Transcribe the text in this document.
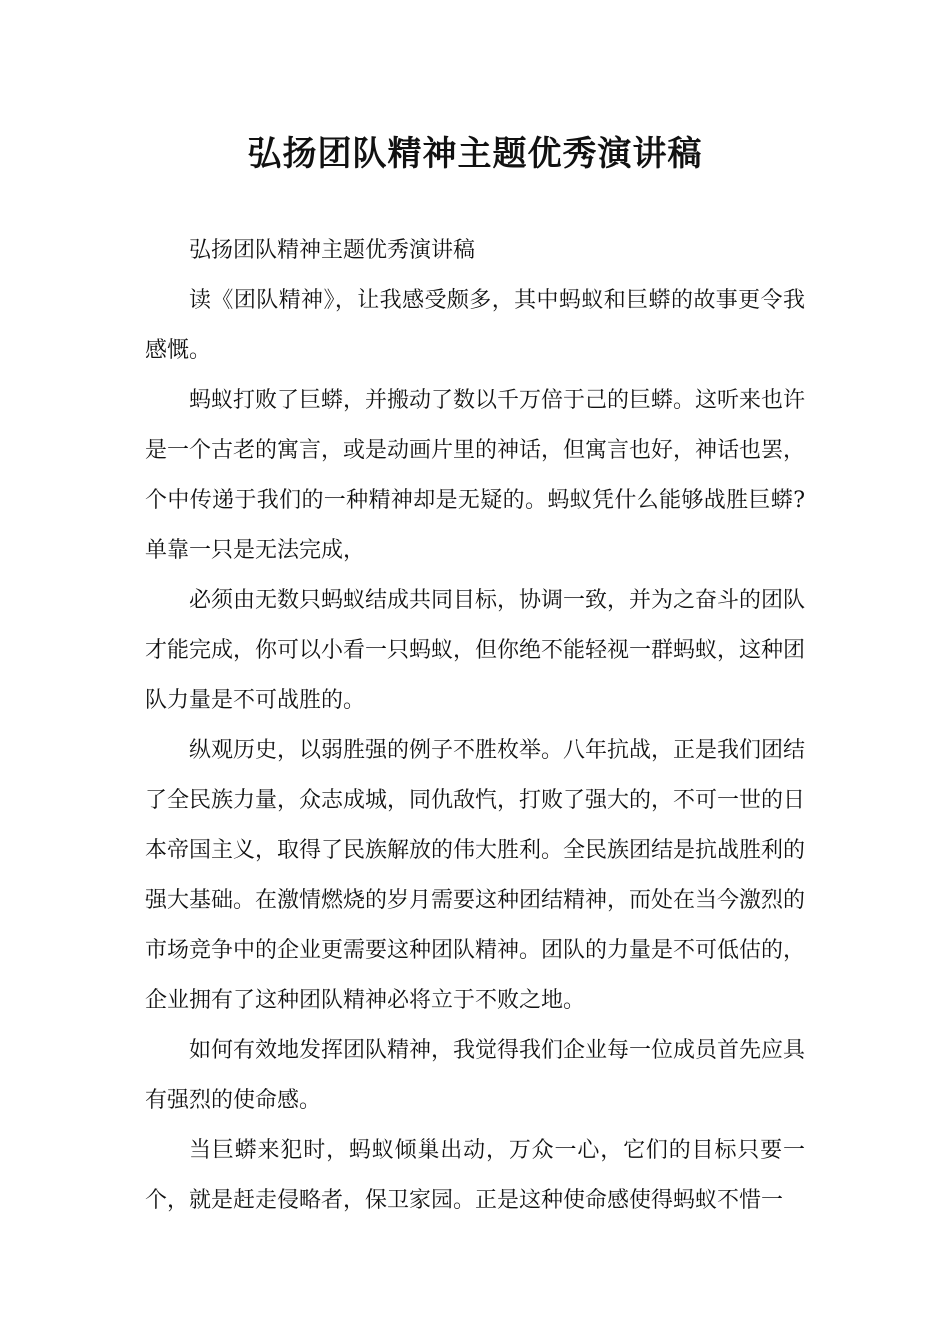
弘扬团队精神主题优秀演讲稿

弘扬团队精神主题优秀演讲稿

读《团队精神》，让我感受颇多，其中蚂蚁和巨蟒的故事更令我感慨。

蚂蚁打败了巨蟒，并搬动了数以千万倍于己的巨蟒。这听来也许是一个古老的寓言，或是动画片里的神话，但寓言也好，神话也罢，个中传递于我们的一种精神却是无疑的。蚂蚁凭什么能够战胜巨蟒?单靠一只是无法完成，

必须由无数只蚂蚁结成共同目标，协调一致，并为之奋斗的团队才能完成，你可以小看一只蚂蚁，但你绝不能轻视一群蚂蚁，这种团队力量是不可战胜的。

纵观历史，以弱胜强的例子不胜枚举。八年抗战，正是我们团结了全民族力量，众志成城，同仇敌忾，打败了强大的，不可一世的日本帝国主义，取得了民族解放的伟大胜利。全民族团结是抗战胜利的强大基础。在激情燃烧的岁月需要这种团结精神，而处在当今激烈的市场竞争中的企业更需要这种团队精神。团队的力量是不可低估的，企业拥有了这种团队精神必将立于不败之地。

如何有效地发挥团队精神，我觉得我们企业每一位成员首先应具有强烈的使命感。

当巨蟒来犯时，蚂蚁倾巢出动，万众一心，它们的目标只要一个，就是赶走侵略者，保卫家园。正是这种使命感使得蚂蚁不惜一
